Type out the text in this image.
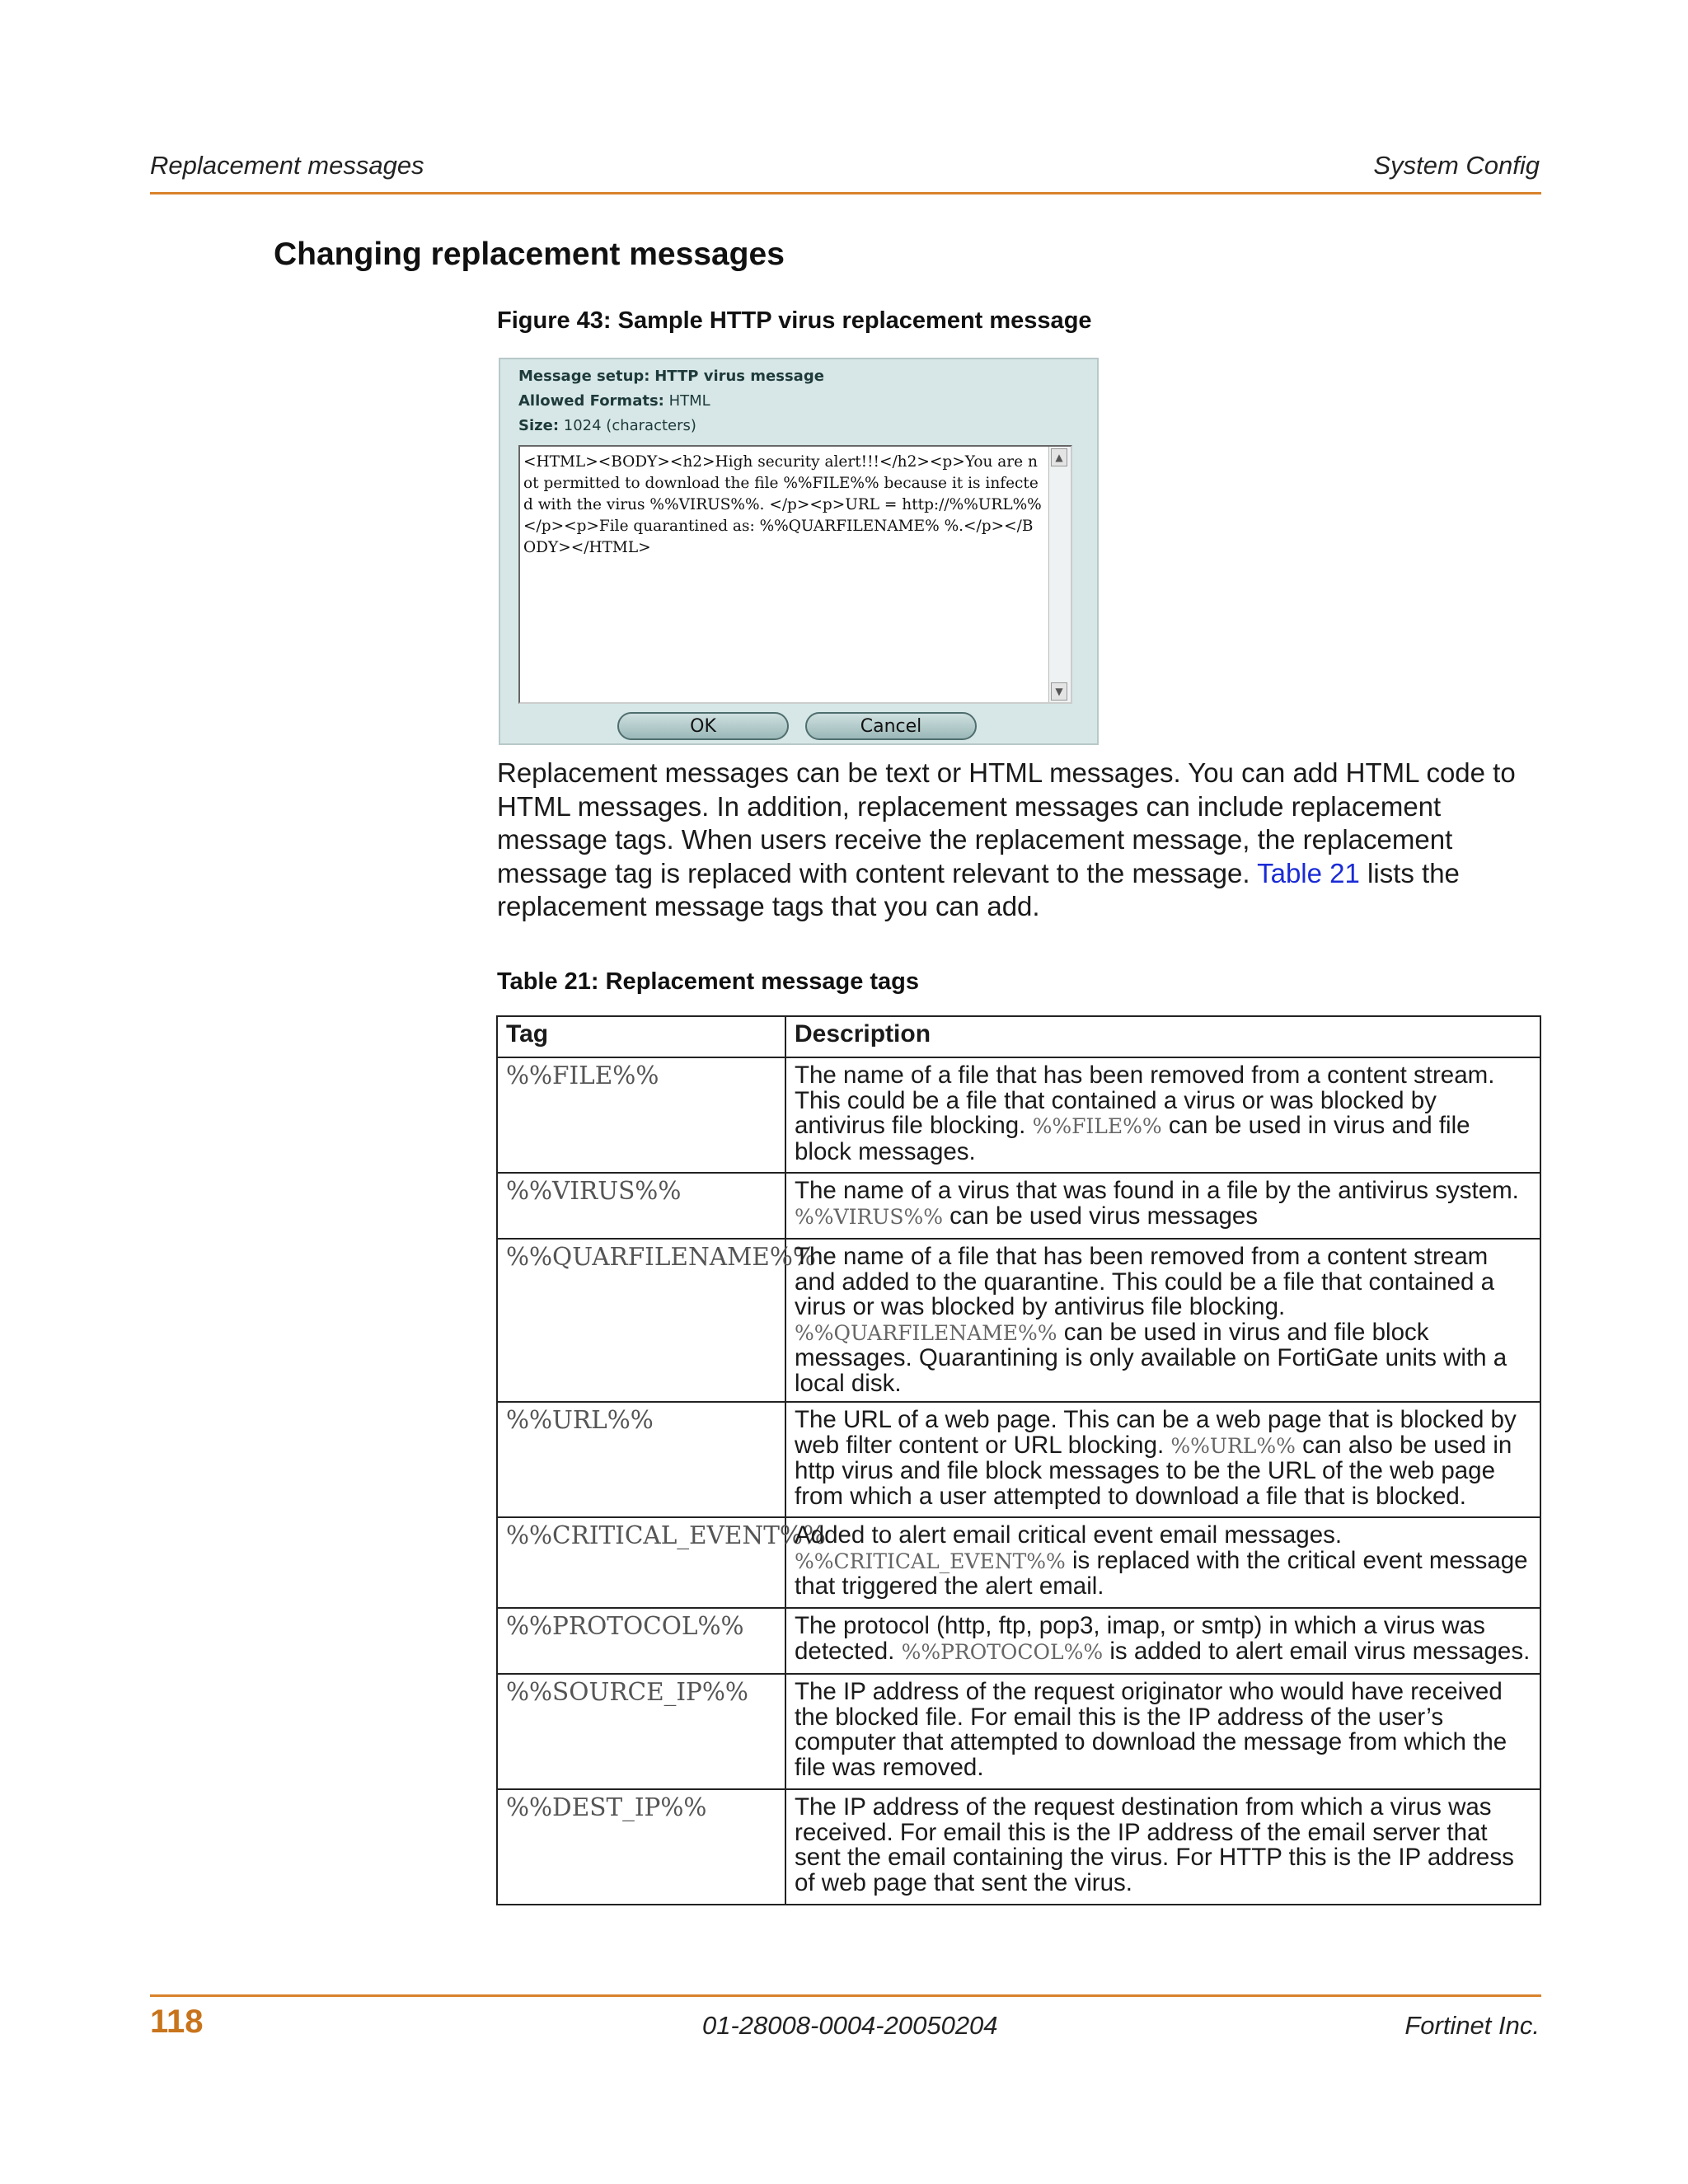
Replacement messages	System Config
Changing replacement messages
Figure 43: Sample HTTP virus replacement message
Message setup: HTTP virus message
Allowed Formats: HTML
Size: 1024 (characters)
<HTML><BODY><h2>High security alert!!!</h2><p>You are not permitted to download the file %%FILE%% because it is infected with the virus %%VIRUS%%. </p><p>URL = http://%%URL%%</p><p>File quarantined as: %%QUARFILENAME% %.</p></BODY></HTML>
▲
▼
OK	Cancel
Replacement messages can be text or HTML messages. You can add HTML code to HTML messages. In addition, replacement messages can include replacement message tags. When users receive the replacement message, the replacement message tag is replaced with content relevant to the message. Table 21 lists the replacement message tags that you can add.
Table 21: Replacement message tags
Tag	Description
%%FILE%%	The name of a file that has been removed from a content stream. This could be a file that contained a virus or was blocked by antivirus file blocking. %%FILE%% can be used in virus and file block messages.
%%VIRUS%%	The name of a virus that was found in a file by the antivirus system. %%VIRUS%% can be used virus messages
%%QUARFILENAME%%	The name of a file that has been removed from a content stream and added to the quarantine. This could be a file that contained a virus or was blocked by antivirus file blocking. %%QUARFILENAME%% can be used in virus and file block messages. Quarantining is only available on FortiGate units with a local disk.
%%URL%%	The URL of a web page. This can be a web page that is blocked by web filter content or URL blocking. %%URL%% can also be used in http virus and file block messages to be the URL of the web page from which a user attempted to download a file that is blocked.
%%CRITICAL_EVENT%%	Added to alert email critical event email messages. %%CRITICAL_EVENT%% is replaced with the critical event message that triggered the alert email.
%%PROTOCOL%%	The protocol (http, ftp, pop3, imap, or smtp) in which a virus was detected. %%PROTOCOL%% is added to alert email virus messages.
%%SOURCE_IP%%	The IP address of the request originator who would have received the blocked file. For email this is the IP address of the user’s computer that attempted to download the message from which the file was removed.
%%DEST_IP%%	The IP address of the request destination from which a virus was received. For email this is the IP address of the email server that sent the email containing the virus. For HTTP this is the IP address of web page that sent the virus.
118	01-28008-0004-20050204	Fortinet Inc.
